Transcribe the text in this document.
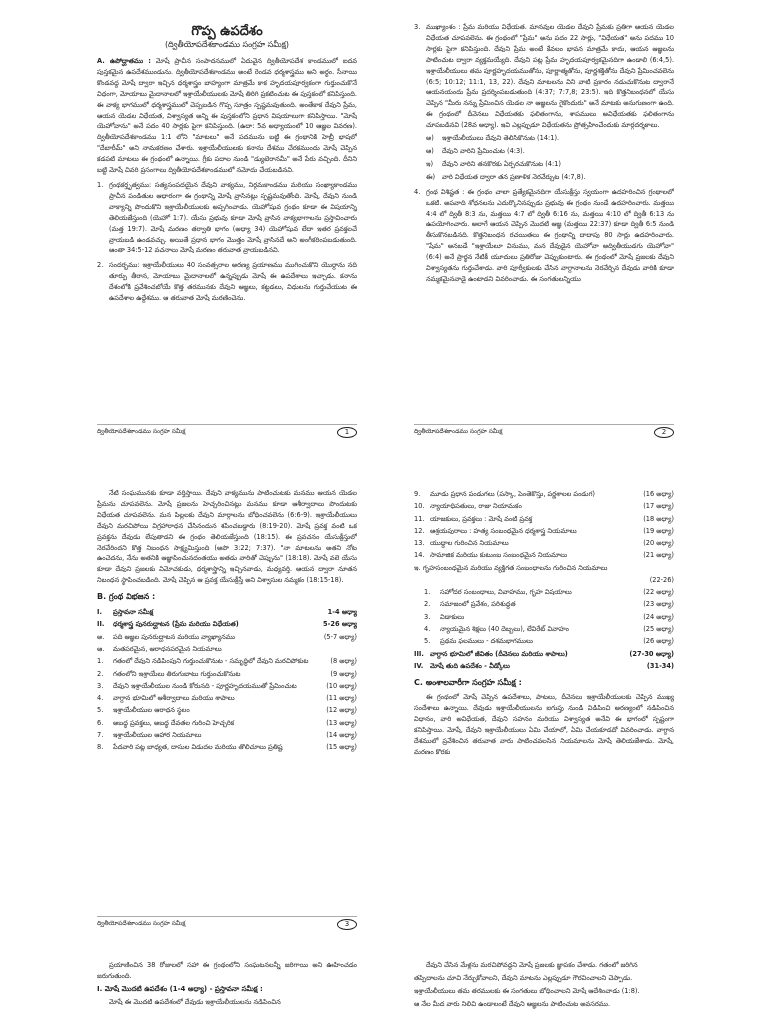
గొప్ప ఉపదేశం
(ద్వితీయోపదేశకాండము సంగ్రహ సమీక్ష)

A. ఉపోద్ఘాతము : మోషే ప్రాచీన సంపాదనములో ఏదువైన ద్వితీయోపదేశ కాండములో ఐదవ పుస్తకమైన ఉపదేశముండును. ద్వితీయోపదేశకాండము అంటే రెండవ ధర్మశాస్త్రము అని అర్థం. సీనాయి కొండవద్ద మోషే ద్వారా ఇచ్చిన ధర్మశాస్త్రం బాహ్యంగా మాత్రమే కాక హృదయపూర్వకంగా గుర్తుంచుకొనే విధంగా, మోయాబు మైదానాలలో ఇశ్రాయేలీయులకు మోషే తిరిగి ప్రకటించుట ఈ పుస్తకంలో కనిపిస్తుంది. ఈ వాక్య భాగములో ధర్మశాస్త్రములో చెప్పబడిన గొప్ప సూత్రం స్పష్టమవుతుంది. అంతేకాక దేవుని ప్రేమ, ఆయన యెడల విధేయత, విశ్వాస్యత అన్ని ఈ పుస్తకంలోని ప్రధాన విషయాలుగా కనిపిస్తాయి. "మోషే యెహోవాను" అనే పదం 40 సార్లకు పైగా కనిపిస్తుంది. (ఉదా: 5వ అధ్యాయంలో 10 ఆజ్ఞల వివరణ). ద్వితీయోపదేశకాండము 1:1 లోని "మాటలు" అనే పదమును బట్టి ఈ గ్రంథానికి హెబ్రీ భాషలో "దేబారీమ్" అని నామకరణం చేశారు. ఇశ్రాయేలీయులకు కనాను దేశము చేరకముందు మోషే చెప్పిన కడపటి మాటలు ఈ గ్రంథంలో ఉన్నాయి. గ్రీకు పదాల నుండి "డ్యుటెరానమీ" అనే పేరు వచ్చింది. దీనిని బట్టి మోషే చివరి ప్రసంగాలు ద్వితీయోపదేశకాండములో నమోదు చేయబడినవి.

1. గ్రంథకర్తృత్వము: సత్యసంపదయైన దేవుని వాక్యము, నిర్గమకాండము మరియు సంఖ్యాకాండము ప్రాచీన పండితుల ఆధారంగా ఈ గ్రంథాన్ని మోషే వ్రాసినట్లు స్పష్టమవుతోంది. మోషే, దేవుని నుండి వాక్యాన్ని పొందుకొని ఇశ్రాయేలీయులకు అప్పగించాడు. యెహోషువ గ్రంథం కూడా ఈ విషయాన్ని తెలియజేస్తుంది (యెహో 1:7). యేసు ప్రభువు కూడా మోషే వ్రాసిన వాక్యభాగాలను ప్రస్తావించారు (మత్త 19:7). మోషే మరణం తర్వాతి భాగం (అధ్యా 34) యెహోషువ లేదా ఇతర ప్రవక్తలచే వ్రాయబడి ఉండవచ్చు. అయితే ప్రధాన భాగం మొత్తం మోషే వ్రాసినదే అని అంగీకరింపబడుతుంది. ఆంతా 34:5-12 వచనాలు మోషే మరణం తరువాత వ్రాయబడినవి.
2. సందర్భము: ఇశ్రాయేలీయులు 40 సంవత్సరాల అరణ్య ప్రయాణము ముగించుకొని యొర్దాను నది తూర్పు తీరాన, మోయాబు మైదానాలలో ఉన్నప్పుడు మోషే ఈ ఉపదేశాలు ఇచ్చాడు. కనాను దేశంలోకి ప్రవేశించబోయే కొత్త తరమునకు దేవుని ఆజ్ఞలు, కట్టడలు, విధులను గుర్తుచేయుట ఈ ఉపదేశాల ఉద్దేశము. ఆ తరువాత మోషే మరణించెను.
ద్వితీయోపదేశకాండము సంగ్రహ సమీక్ష	1
3. ముఖ్యాంశం : ప్రేమ మరియు విధేయత. మానవుల యెడల దేవుని ప్రేమకు ప్రతిగా ఆయన యెడల విధేయత చూపవలెను. ఈ గ్రంథంలో "ప్రేమ" అను పదం 22 సార్లు, "విధేయత" అను పదము 10 సార్లకు పైగా కనిపిస్తుంది. దేవుని ప్రేమ అంటే కేవలం భావన మాత్రమే కాదు, ఆయన ఆజ్ఞలను పాటించుట ద్వారా వ్యక్తమయ్యేది. దేవుని పట్ల ప్రేమ హృదయపూర్వకమైనదిగా ఉండాలి (6:4,5). ఇశ్రాయేలీయులు తమ పూర్ణహృదయముతోను, పూర్ణాత్మతోను, పూర్ణశక్తితోను దేవుని ప్రేమించవలెను (6:5; 10:12; 11:1, 13, 22). దేవుని మాటలను విని వాటి ప్రకారం నడుచుకొనుట ద్వారానే ఆయనయందు ప్రేమ ప్రదర్శింపబడుతుంది (4:37; 7:7,8; 23:5). ఇది కొత్తనిబంధనలో యేసు చెప్పిన "మీరు నన్ను ప్రేమించిన యెడల నా ఆజ్ఞలను గైకొందురు" అనే మాటకు అనుగుణంగా ఉంది. ఈ గ్రంథంలో దీవెనలు విధేయతకు ఫలితంగాను, శాపములు అవిధేయతకు ఫలితంగాను చూపబడినవి (28వ అధ్యా). ఇవి ఎల్లప్పుడూ విధేయతను ప్రోత్సహించేందుకు మార్గదర్శకాలు.
అ)	ఇశ్రాయేలీయులు దేవుని తెలిసికొనుట (14:1).
ఆ)	దేవుని వారిని ప్రేమించుట (4:3).
ఇ)	దేవుని వారిని తనకొరకు ఏర్పరచుకొనుట (4:1)
ఈ)	వారి విధేయత ద్వారా తన ప్రణాళిక నెరవేర్చుట (4:7,8).
4. గ్రంథ విశిష్టత : ఈ గ్రంథం చాలా ప్రత్యేకమైనదిగా యేసుక్రీస్తు స్వయంగా ఉదహరించిన గ్రంథాలలో ఒకటి. అపవాది శోధనలను ఎదుర్కొనినప్పుడు ప్రభువు ఈ గ్రంథం నుండే ఉదహరించారు. మత్తయి 4:4 లో ద్వితీ 8:3 ను, మత్తయి 4:7 లో ద్వితీ 6:16 ను, మత్తయి 4:10 లో ద్వితీ 6:13 ను ఉపయోగించారు. అలాగే ఆయన చెప్పిన మొదటి ఆజ్ఞ (మత్తయి 22:37) కూడా ద్వితీ 6:5 నుండి తీసుకొనబడినది. కొత్తనిబంధన రచయితలు ఈ గ్రంథాన్ని దాదాపు 80 సార్లు ఉదహరించారు. "షేమ" అనబడే "ఇశ్రాయేలూ వినుము, మన దేవుడైన యెహోవా అద్వితీయుడగు యెహోవా" (6:4) అనే ప్రార్థన నేటికీ యూదులు ప్రతిరోజు చెప్పుకుంటారు. ఈ గ్రంథంలో మోషే ప్రజలకు దేవుని విశ్వాస్యతను గుర్తుచేశాడు. వారి పూర్వీకులకు చేసిన వాగ్దానాలను నెరవేర్చిన దేవుడు వారికి కూడా నమ్మకమైనవాడై ఉంటాడని వివరించాడు. ఈ సంగతులన్నియు
ద్వితీయోపదేశకాండము సంగ్రహ సమీక్ష	2

నేటి సంఘమునకు కూడా వర్తిస్తాయి. దేవుని వాక్యమును పాటించుటకు మనము ఆయన యెడల ప్రేమను చూపవలెను. మోషే ప్రజలను హెచ్చరించినట్లు మనము కూడా ఆశీర్వాదాలు పొందుటకు విధేయత చూపవలెను. మన పిల్లలకు దేవుని మార్గాలను బోధించవలెను (6:6-9). ఇశ్రాయేలీయులు దేవుని మరచిపోయి విగ్రహారాధన చేసినందున శపించబడ్డారు (8:19-20). మోషే ప్రవక్త వంటి ఒక ప్రవక్తను దేవుడు లేపుతాడని ఈ గ్రంథం తెలియజేస్తుంది (18:15). ఈ ప్రవచనం యేసుక్రీస్తులో నెరవేరిందని కొత్త నిబంధన సాక్ష్యమిస్తుంది (అపొ 3:22; 7:37). "నా మాటలను అతని నోట ఉంచెదను, నేను అతనికి ఆజ్ఞాపించునదంతయు అతడు వారితో చెప్పును" (18:18). మోషే వలె యేసు కూడా దేవుని ప్రజలకు విమోచకుడు, ధర్మశాస్త్రాన్ని ఇచ్చినవాడు, మధ్యవర్తి. ఆయన ద్వారా నూతన నిబంధన స్థాపించబడింది. మోషే చెప్పిన ఆ ప్రవక్త యేసుక్రీస్తే అని విశ్వాసుల నమ్మకం (18:15-18).

B. గ్రంథ విభజన :
I.	ప్రస్తావనా సమీక్ష	1-4 అధ్యా
II.	ధర్మశాస్త్ర పునరుద్ఘాటన (ప్రేమ మరియు విధేయత)	5-26 అధ్యా
అ.	పది ఆజ్ఞల పునరుద్ఘాటన మరియు వ్యాఖ్యానము	(5-7 అధ్యా)
ఆ.	మతపరమైన, ఆరాధనపరమైన నియమాలు
1.	గతంలో దేవుని నడిపింపుని గుర్తుంచుకొనుట - సమృద్ధిలో దేవుని మరచిపోకుట	(8 అధ్యా)
2.	గతంలోని ఇశ్రాయేలు తిరుగుబాటు గుర్తుంచుకొనుట	(9 అధ్యా)
3.	దేవుని ఇశ్రాయేలీయుల నుండి కోరునది - పూర్ణహృదయముతో ప్రేమించుట	(10 అధ్యా)
4.	వాగ్దాన భూమిలో ఆశీర్వాదాలు మరియు శాపాలు	(11 అధ్యా)
5.	ఇశ్రాయేలీయుల ఆరాధన స్థలం	(12 అధ్యా)
6.	అబద్ధ ప్రవక్తలు, అబద్ధ దేవతల గురించి హెచ్చరిక	(13 అధ్యా)
7.	ఇశ్రాయేలీయుల ఆహార నియమాలు	(14 అధ్యా)
8.	పేదవారి పట్ల బాధ్యత, దాసుల విడుదల మరియు తొలిచూలు ప్రతిష్ట	(15 అధ్యా)
ద్వితీయోపదేశకాండము సంగ్రహ సమీక్ష	3
9.	మూడు ప్రధాన పండుగలు (పస్కా, పెంతెకొస్తు, పర్ణశాలల పండుగ)	(16 అధ్యా)
10. న్యాయాధిపతులు, రాజు నియామకం	(17 అధ్యా)
11. యాజకులు, ప్రవక్తలు : మోషే వంటి ప్రవక్త	(18 అధ్యా)
12. ఆశ్రయపురాలు : హత్య సంబంధమైన ధర్మశాస్త్ర నియమాలు	(19 అధ్యా)
13. యుద్ధాల గురించిన నియమాలు	(20 అధ్యా)
14. సామాజిక మరియు కుటుంబ సంబంధమైన నియమాలు	(21 అధ్యా)
ఇ. గృహసంబంధమైన మరియు వ్యక్తిగత సంబంధాలను గురించిన నియమాలు
(22-26)
1.	సహోదర సంబంధాలు, వివాహము, గృహ విషయాలు	(22 అధ్యా)
2.	సమాజంలో ప్రవేశం, పరిశుద్ధత	(23 అధ్యా)
3.	విడాకులు	(24 అధ్యా)
4.	న్యాయమైన శిక్షలు (40 దెబ్బలు), లేవిరేట్ వివాహం	(25 అధ్యా)
5.	ప్రథమ ఫలములు - దశమభాగములు	(26 అధ్యా)
III. వాగ్దాన భూమిలో జీవితం (దీవెనలు మరియు శాపాలు)	(27-30 అధ్యా)
IV.	మోషే తుది ఉపదేశం - వీడ్కోలు	(31-34)
C. అంశాలవారీగా సంగ్రహ సమీక్ష :

ఈ గ్రంథంలో మోషే చెప్పిన ఉపదేశాలు, పాటలు, దీవెనలు ఇశ్రాయేలీయులకు చెప్పిన ముఖ్య సందేశాలు ఉన్నాయి. దేవుడు ఇశ్రాయేలీయులను ఐగుప్తు నుండి విడిపించి అరణ్యంలో నడిపించిన విధానం, వారి అవిధేయత, దేవుని సహనం మరియు విశ్వాస్యత అనేవి ఈ భాగంలో స్పష్టంగా కనిపిస్తాయి. మోషే, దేవుని ఇశ్రాయేలీయులు ఏమి చేయాలో, ఏమి చేయకూడదో వివరించాడు. వాగ్దాన దేశములో ప్రవేశించిన తరువాత వారు పాటించవలసిన నియమాలను మోషే తెలియజేశాడు. మోషే, మరణం కొరకు

ప్రయాణించిన 38 రోజులలో సహా ఈ గ్రంథంలోని సంఘటనలన్నీ జరిగాయి అని ఊహించడం జరుగుతుంది.

I. మోషే మొదటి ఉపదేశం (1-4 అధ్యా) - ప్రస్తావనా సమీక్ష :

మోషే ఈ మొదటి ఉపదేశంలో దేవుడు ఇశ్రాయేలీయులను నడిపించిన

దేవుని చేసిన మేళ్లను మరచిపోవద్దని మోషే ప్రజలకు జ్ఞాపకం చేశాడు. గతంలో జరిగిన

తప్పిదాలను చూచి నేర్చుకోవాలని, దేవుని మాటను ఎల్లప్పుడూ గౌరవించాలని చెప్పాడు.

ఇశ్రాయేలీయులు తమ తరములకు ఈ సంగతులు బోధించాలని మోషే ఆదేశించాడు (1:8).

ఆ నేల మీద వారు నిలిచి ఉండాలంటే దేవుని ఆజ్ఞలను పాటించుట అవసరము.
